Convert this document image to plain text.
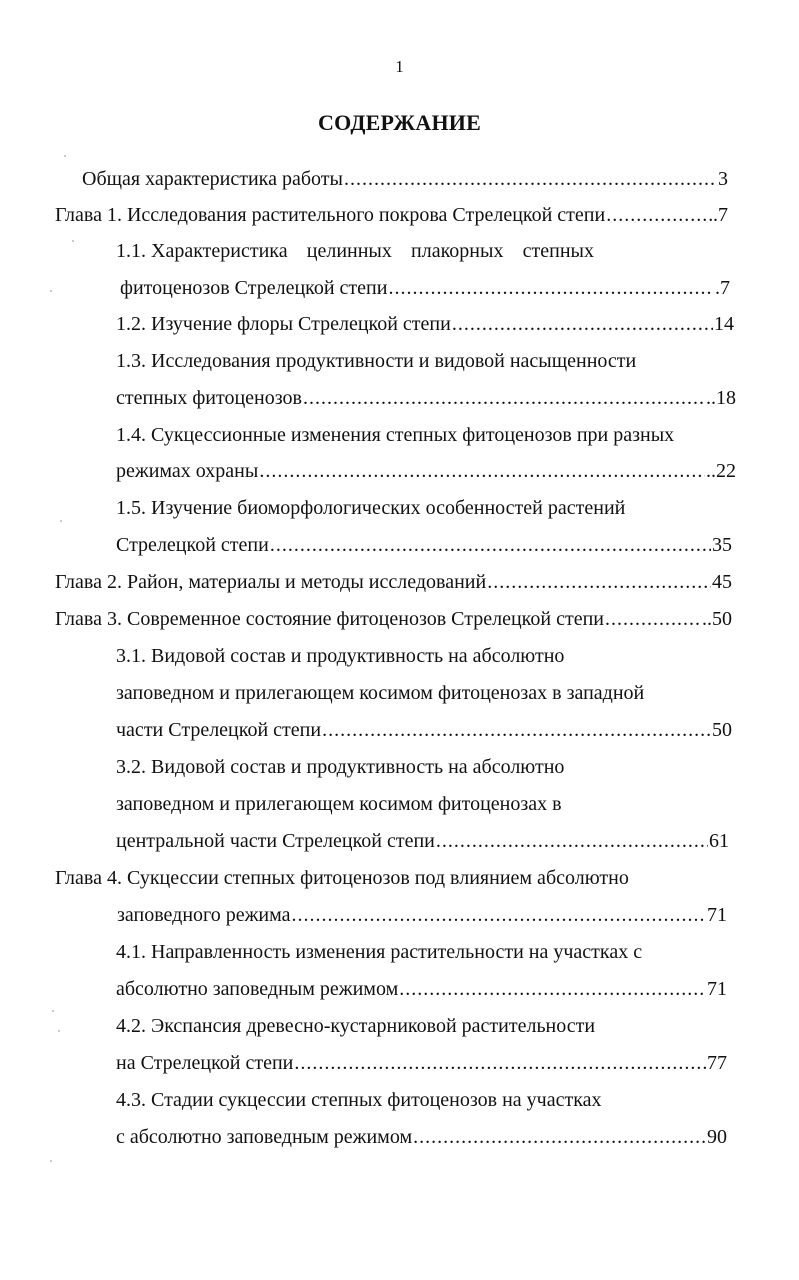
1
СОДЕРЖАНИЕ
Общая характеристика работы .....	3
Глава 1. Исследования растительного покрова Стрелецкой степи .....	.7
1.1. Характеристика целинных плакорных степных
фитоценозов Стрелецкой степи .....	.7
1.2. Изучение флоры Стрелецкой степи .....	14
1.3. Исследования продуктивности и видовой насыщенности
степных фитоценозов .....	..18
1.4. Сукцессионные изменения степных фитоценозов при разных
режимах охраны .....	..22
1.5. Изучение биоморфологических особенностей растений
Стрелецкой степи .....	35
Глава 2. Район, материалы и методы исследований .....	45
Глава 3. Современное состояние фитоценозов Стрелецкой степи .....	..50
3.1. Видовой состав и продуктивность на абсолютно
заповедном и прилегающем косимом фитоценозах в западной
части Стрелецкой степи .....	50
3.2. Видовой состав и продуктивность на абсолютно
заповедном и прилегающем косимом фитоценозах в
центральной части Стрелецкой степи .....	61
Глава 4. Сукцессии степных фитоценозов под влиянием абсолютно
заповедного режима .....	71
4.1. Направленность изменения растительности на участках с
абсолютно заповедным режимом .....	71
4.2. Экспансия древесно-кустарниковой растительности
на Стрелецкой степи .....	77
4.3. Стадии сукцессии степных фитоценозов на участках
с абсолютно заповедным режимом .....	90
